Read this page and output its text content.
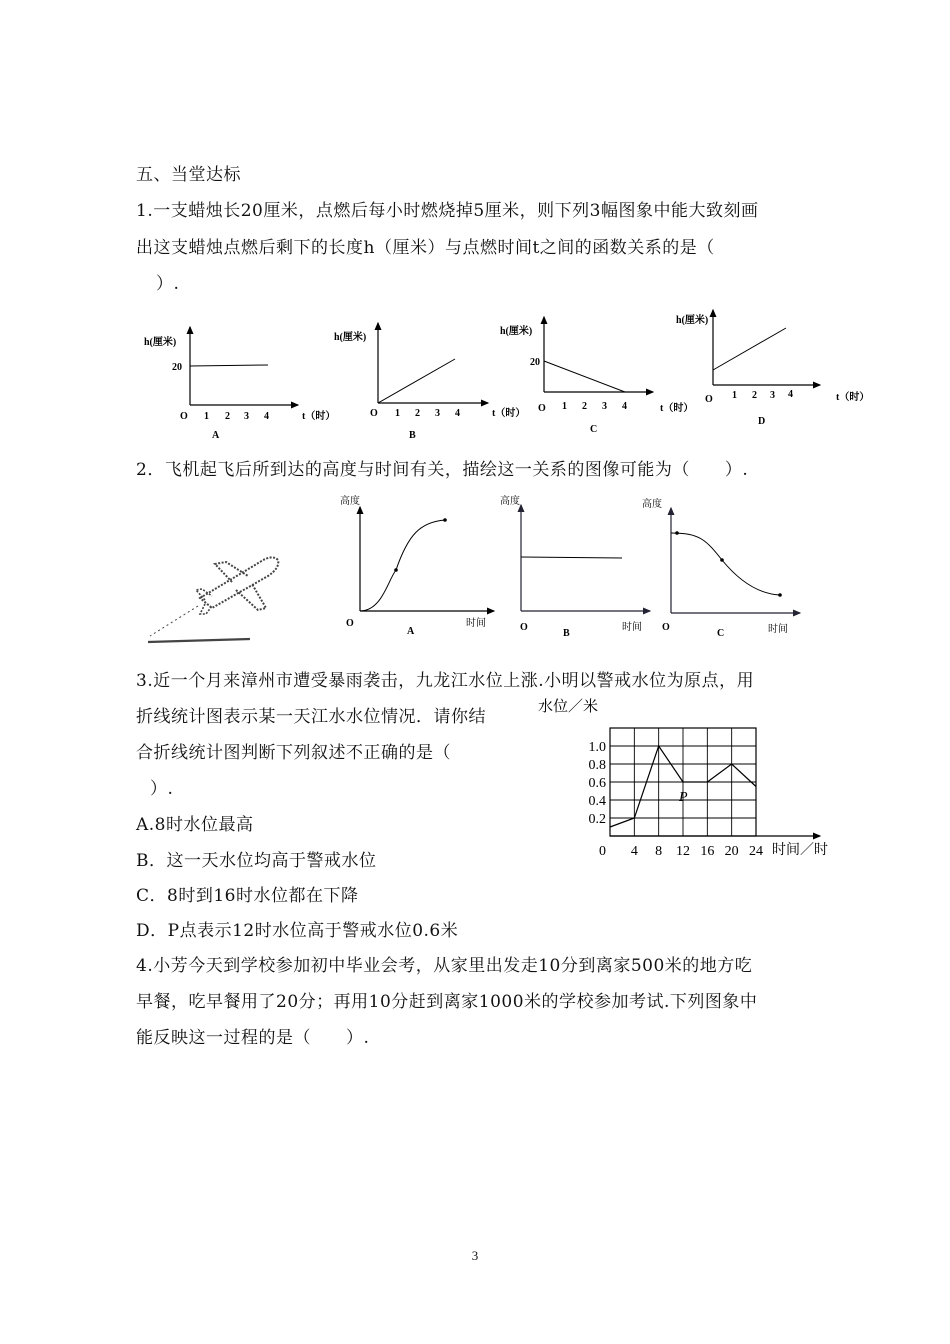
五、当堂达标
1.一支蜡烛长20厘米，点燃后每小时燃烧掉5厘米，则下列3幅图象中能大致刻画
出这支蜡烛点燃后剩下的长度h（厘米）与点燃时间t之间的函数关系的是（
）.
h(厘米)
20
O 1 2 3 4	t（时）
A
h(厘米)
O 1 2 3 4	t（时）
B
h(厘米)
20
O 1 2 3 4	t（时）
C
h(厘米)
O 1 2 3 4	t（时）
D
2．飞机起飞后所到达的高度与时间有关，描绘这一关系的图像可能为（　　）.
高度
O
A
时间
高度
O
B
时间
高度
O
C	时间
3.近一个月来漳州市遭受暴雨袭击，九龙江水位上涨.小明以警戒水位为原点，用
折线统计图表示某一天江水水位情况．请你结
合折线统计图判断下列叙述不正确的是（
）.
A.8时水位最高
B．这一天水位均高于警戒水位
C．8时到16时水位都在下降
D．P点表示12时水位高于警戒水位0.6米
0.2
0.4
0.6
0.8
1.0
0 4 8 12 16 20 24
水位／米
时间／时
P
4.小芳今天到学校参加初中毕业会考，从家里出发走10分到离家500米的地方吃
早餐，吃早餐用了20分；再用10分赶到离家1000米的学校参加考试.下列图象中
能反映这一过程的是（　　）.
3
